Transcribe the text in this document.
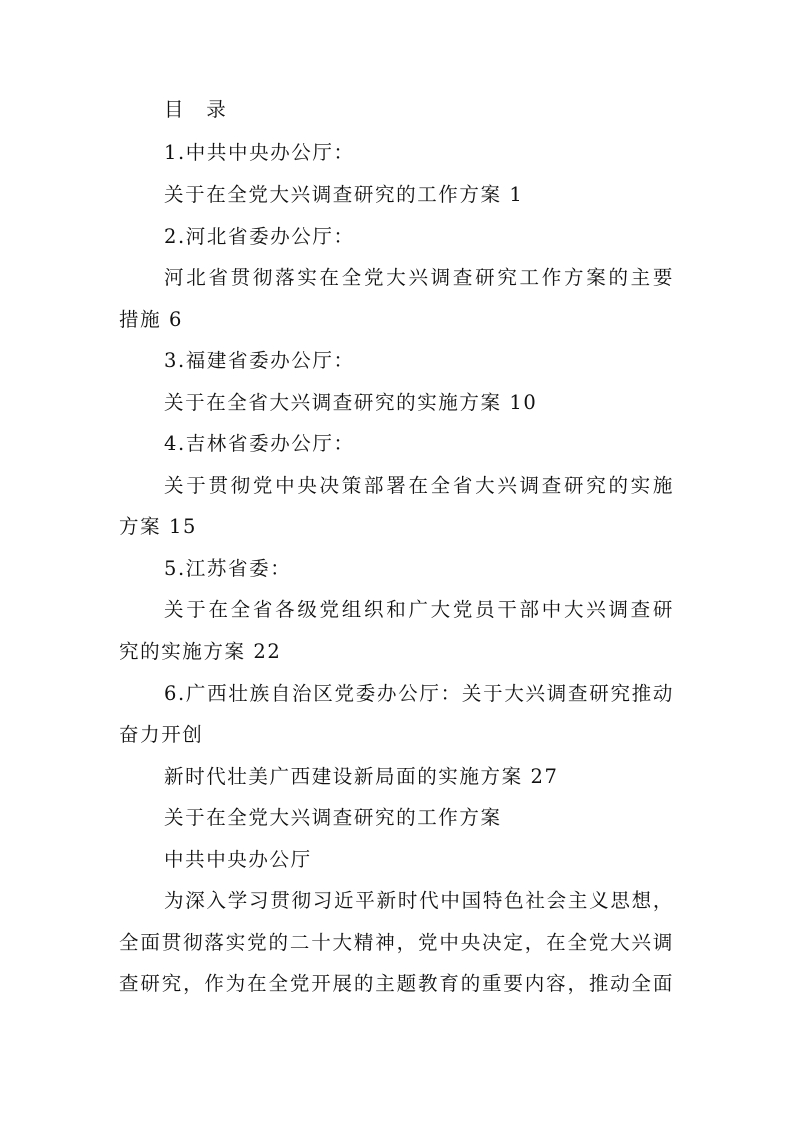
目　录
1.中共中央办公厅：
关于在全党大兴调查研究的工作方案 1
2.河北省委办公厅：
河北省贯彻落实在全党大兴调查研究工作方案的主要
措施 6
3.福建省委办公厅：
关于在全省大兴调查研究的实施方案 10
4.吉林省委办公厅：
关于贯彻党中央决策部署在全省大兴调查研究的实施
方案 15
5.江苏省委：
关于在全省各级党组织和广大党员干部中大兴调查研
究的实施方案 22
6.广西壮族自治区党委办公厅：关于大兴调查研究推动
奋力开创
新时代壮美广西建设新局面的实施方案 27
关于在全党大兴调查研究的工作方案
中共中央办公厅
为深入学习贯彻习近平新时代中国特色社会主义思想，
全面贯彻落实党的二十大精神，党中央决定，在全党大兴调
查研究，作为在全党开展的主题教育的重要内容，推动全面
